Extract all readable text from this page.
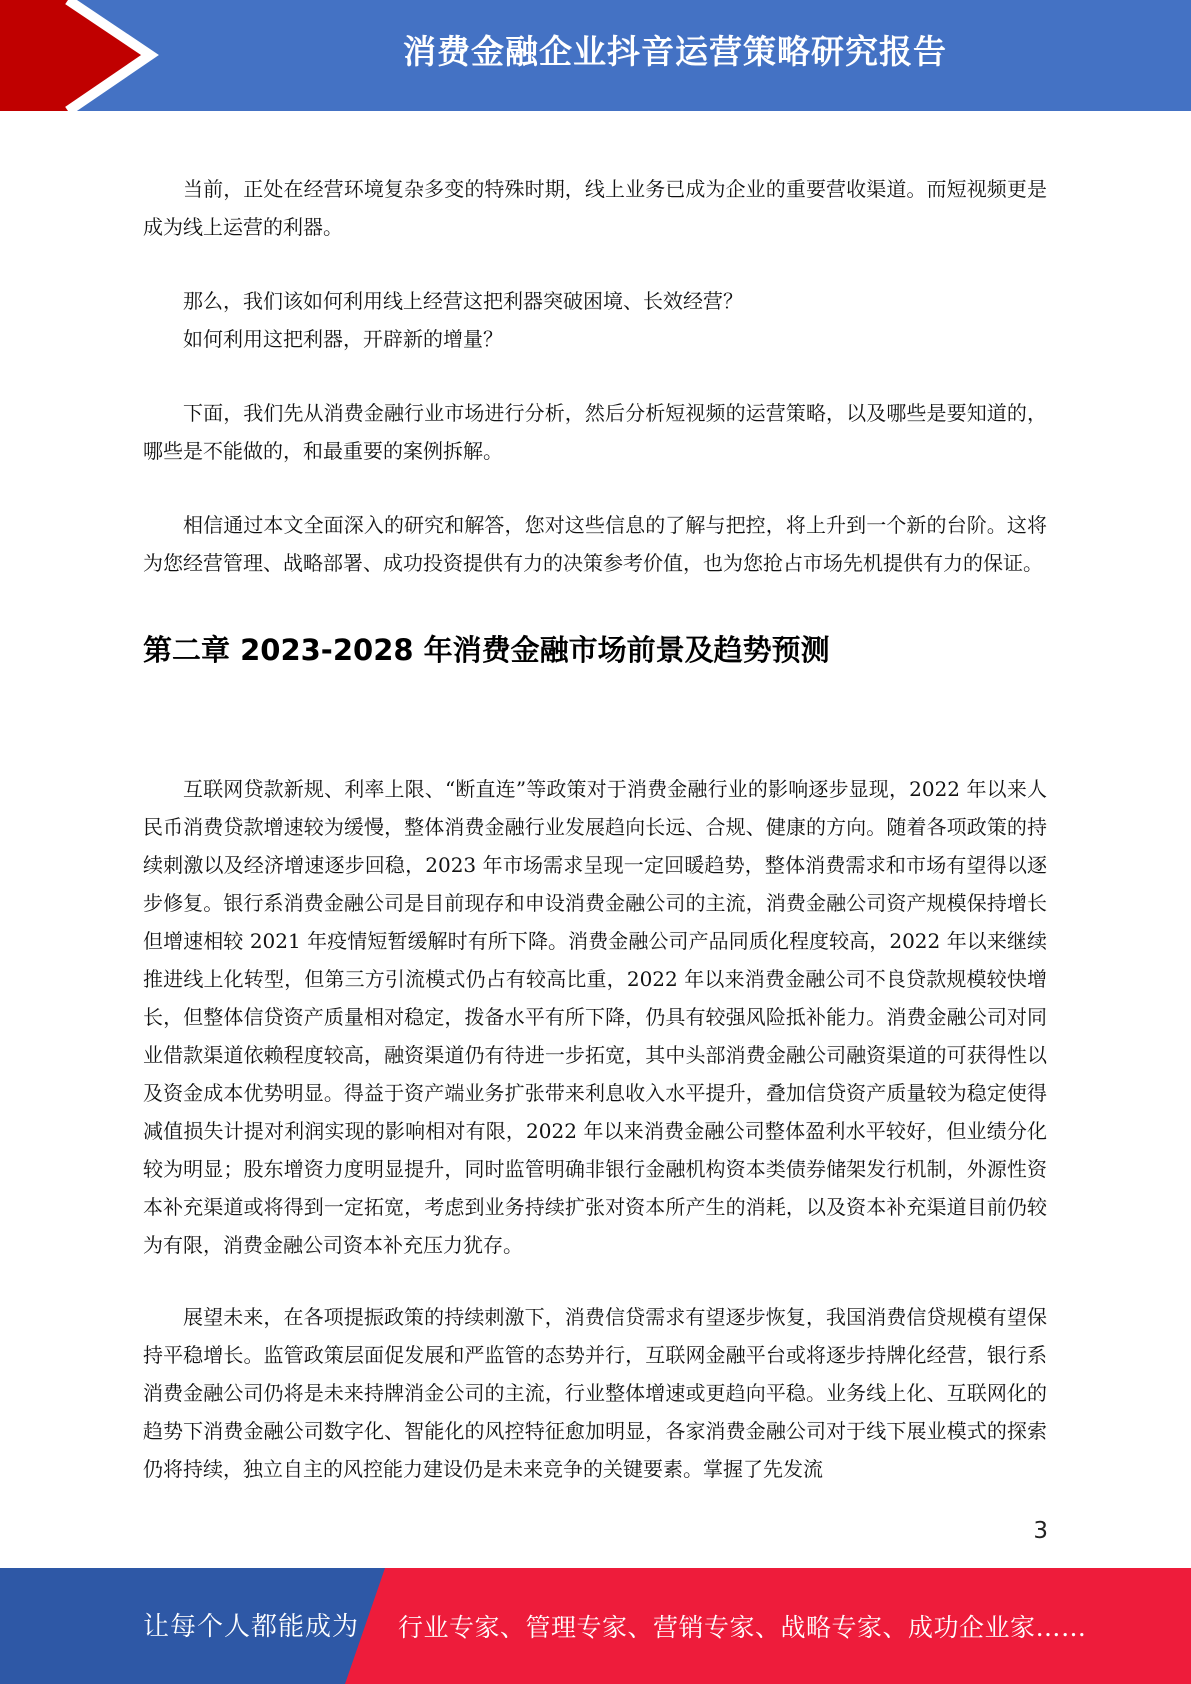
消费金融企业抖音运营策略研究报告

当前，正处在经营环境复杂多变的特殊时期，线上业务已成为企业的重要营收渠道。而短视频更是成为线上运营的利器。

那么，我们该如何利用线上经营这把利器突破困境、长效经营？

如何利用这把利器，开辟新的增量？

下面，我们先从消费金融行业市场进行分析，然后分析短视频的运营策略，以及哪些是要知道的，哪些是不能做的，和最重要的案例拆解。

相信通过本文全面深入的研究和解答，您对这些信息的了解与把控，将上升到一个新的台阶。这将为您经营管理、战略部署、成功投资提供有力的决策参考价值，也为您抢占市场先机提供有力的保证。

第二章 2023-2028 年消费金融市场前景及趋势预测

互联网贷款新规、利率上限、“断直连”等政策对于消费金融行业的影响逐步显现，2022 年以来人民币消费贷款增速较为缓慢，整体消费金融行业发展趋向长远、合规、健康的方向。随着各项政策的持续刺激以及经济增速逐步回稳，2023 年市场需求呈现一定回暖趋势，整体消费需求和市场有望得以逐步修复。银行系消费金融公司是目前现存和申设消费金融公司的主流，消费金融公司资产规模保持增长但增速相较 2021 年疫情短暂缓解时有所下降。消费金融公司产品同质化程度较高，2022 年以来继续推进线上化转型，但第三方引流模式仍占有较高比重，2022 年以来消费金融公司不良贷款规模较快增长，但整体信贷资产质量相对稳定，拨备水平有所下降，仍具有较强风险抵补能力。消费金融公司对同业借款渠道依赖程度较高，融资渠道仍有待进一步拓宽，其中头部消费金融公司融资渠道的可获得性以及资金成本优势明显。得益于资产端业务扩张带来利息收入水平提升，叠加信贷资产质量较为稳定使得减值损失计提对利润实现的影响相对有限，2022 年以来消费金融公司整体盈利水平较好，但业绩分化较为明显；股东增资力度明显提升，同时监管明确非银行金融机构资本类债券储架发行机制，外源性资本补充渠道或将得到一定拓宽，考虑到业务持续扩张对资本所产生的消耗，以及资本补充渠道目前仍较为有限，消费金融公司资本补充压力犹存。

展望未来，在各项提振政策的持续刺激下，消费信贷需求有望逐步恢复，我国消费信贷规模有望保持平稳增长。监管政策层面促发展和严监管的态势并行，互联网金融平台或将逐步持牌化经营，银行系消费金融公司仍将是未来持牌消金公司的主流，行业整体增速或更趋向平稳。业务线上化、互联网化的趋势下消费金融公司数字化、智能化的风控特征愈加明显，各家消费金融公司对于线下展业模式的探索仍将持续，独立自主的风控能力建设仍是未来竞争的关键要素。掌握了先发流

3
让每个人都能成为 行业专家、管理专家、营销专家、战略专家、成功企业家……
